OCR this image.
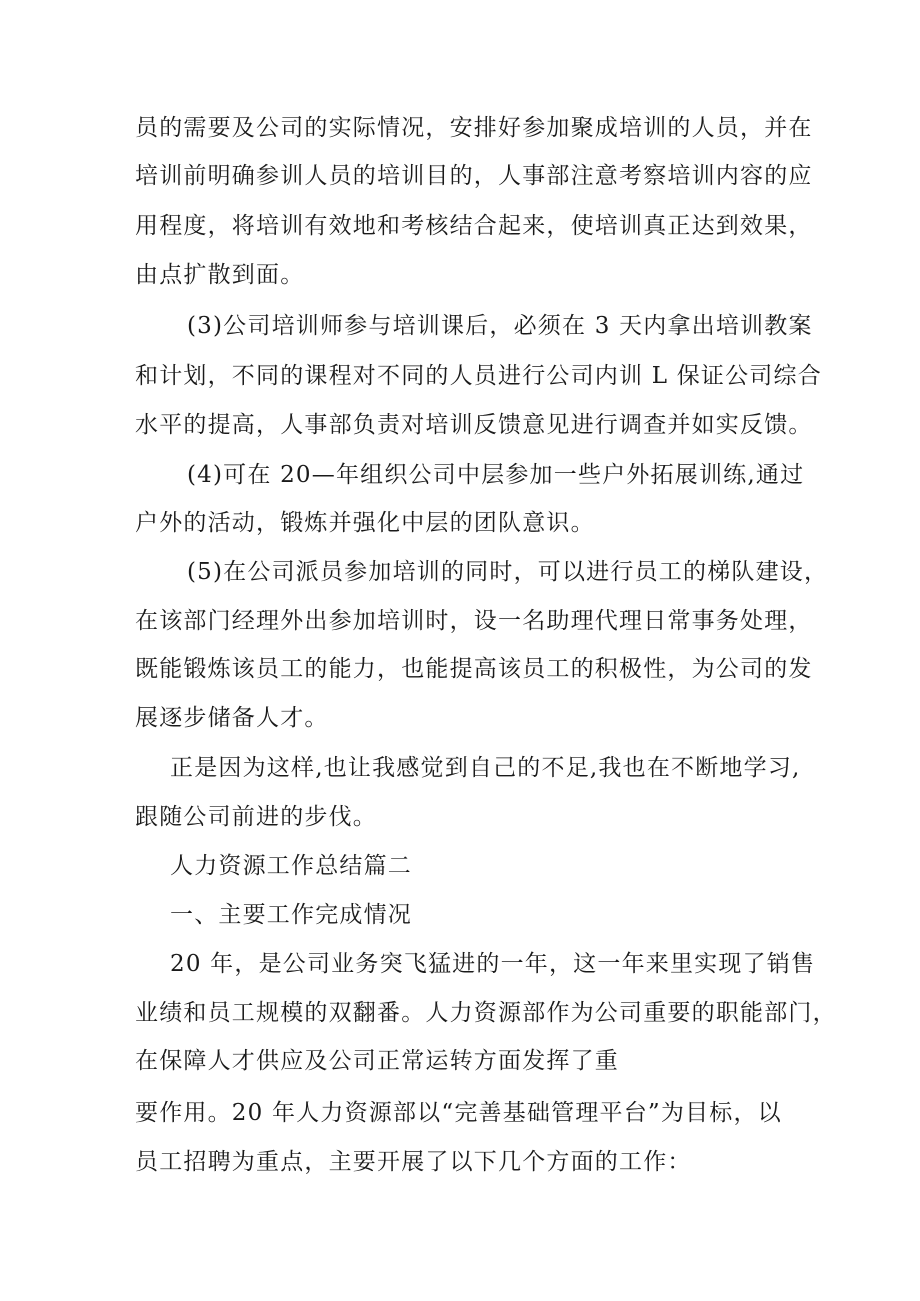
员的需要及公司的实际情况，安排好参加聚成培训的人员，并在
培训前明确参训人员的培训目的，人事部注意考察培训内容的应
用程度，将培训有效地和考核结合起来，使培训真正达到效果，
由点扩散到面。
(3)公司培训师参与培训课后，必须在 3 天内拿出培训教案
和计划，不同的课程对不同的人员进行公司内训 L 保证公司综合
水平的提高，人事部负责对培训反馈意见进行调查并如实反馈。
(4)可在 20—年组织公司中层参加一些户外拓展训练,通过
户外的活动，锻炼并强化中层的团队意识。
(5)在公司派员参加培训的同时，可以进行员工的梯队建设，
在该部门经理外出参加培训时，设一名助理代理日常事务处理，
既能锻炼该员工的能力，也能提高该员工的积极性，为公司的发
展逐步储备人才。
正是因为这样,也让我感觉到自己的不足,我也在不断地学习,
跟随公司前进的步伐。
人力资源工作总结篇二
一、主要工作完成情况
20 年，是公司业务突飞猛进的一年，这一年来里实现了销售
业绩和员工规模的双翻番。人力资源部作为公司重要的职能部门，
在保障人才供应及公司正常运转方面发挥了重
要作用。20 年人力资源部以“完善基础管理平台”为目标，以
员工招聘为重点，主要开展了以下几个方面的工作：
